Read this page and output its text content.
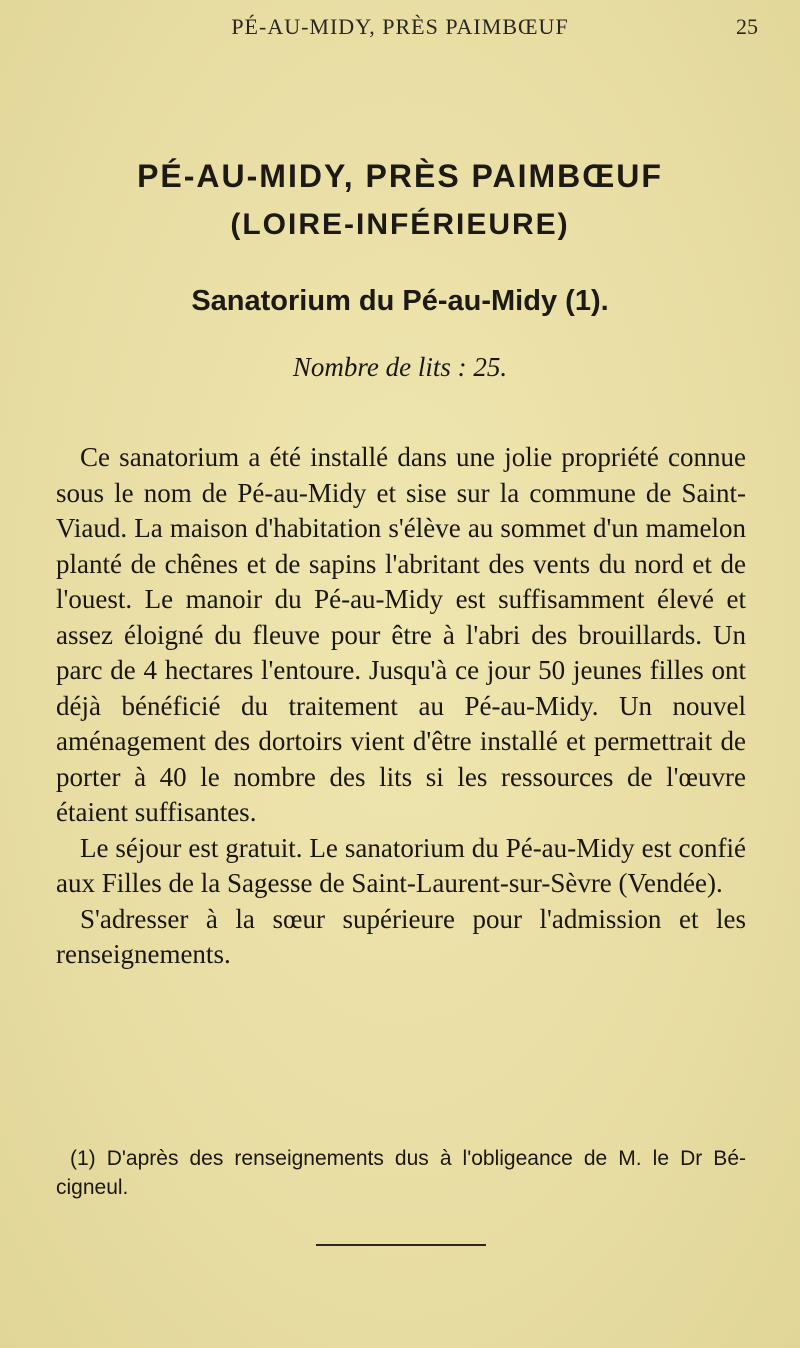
PÉ-AU-MIDY, PRÈS PAIMBŒUF	25
PÉ-AU-MIDY, PRÈS PAIMBŒUF
(LOIRE-INFÉRIEURE)
Sanatorium du Pé-au-Midy (1).
Nombre de lits : 25.

Ce sanatorium a été installé dans une jolie propriété connue sous le nom de Pé-au-Midy et sise sur la commune de Saint-Viaud. La maison d'habitation s'élève au sommet d'un mamelon planté de chênes et de sapins l'abritant des vents du nord et de l'ouest. Le manoir du Pé-au-Midy est suffisamment élevé et assez éloigné du fleuve pour être à l'abri des brouillards. Un parc de 4 hectares l'entoure. Jusqu'à ce jour 50 jeunes filles ont déjà bénéficié du traitement au Pé-au-Midy. Un nouvel aménagement des dortoirs vient d'être installé et permettrait de porter à 40 le nombre des lits si les ressources de l'œuvre étaient suffisantes.

Le séjour est gratuit. Le sanatorium du Pé-au-Midy est confié aux Filles de la Sagesse de Saint-Laurent-sur-Sèvre (Vendée).

S'adresser à la sœur supérieure pour l'admission et les renseignements.

(1) D'après des renseignements dus à l'obligeance de M. le Dr Bé-cigneul.
